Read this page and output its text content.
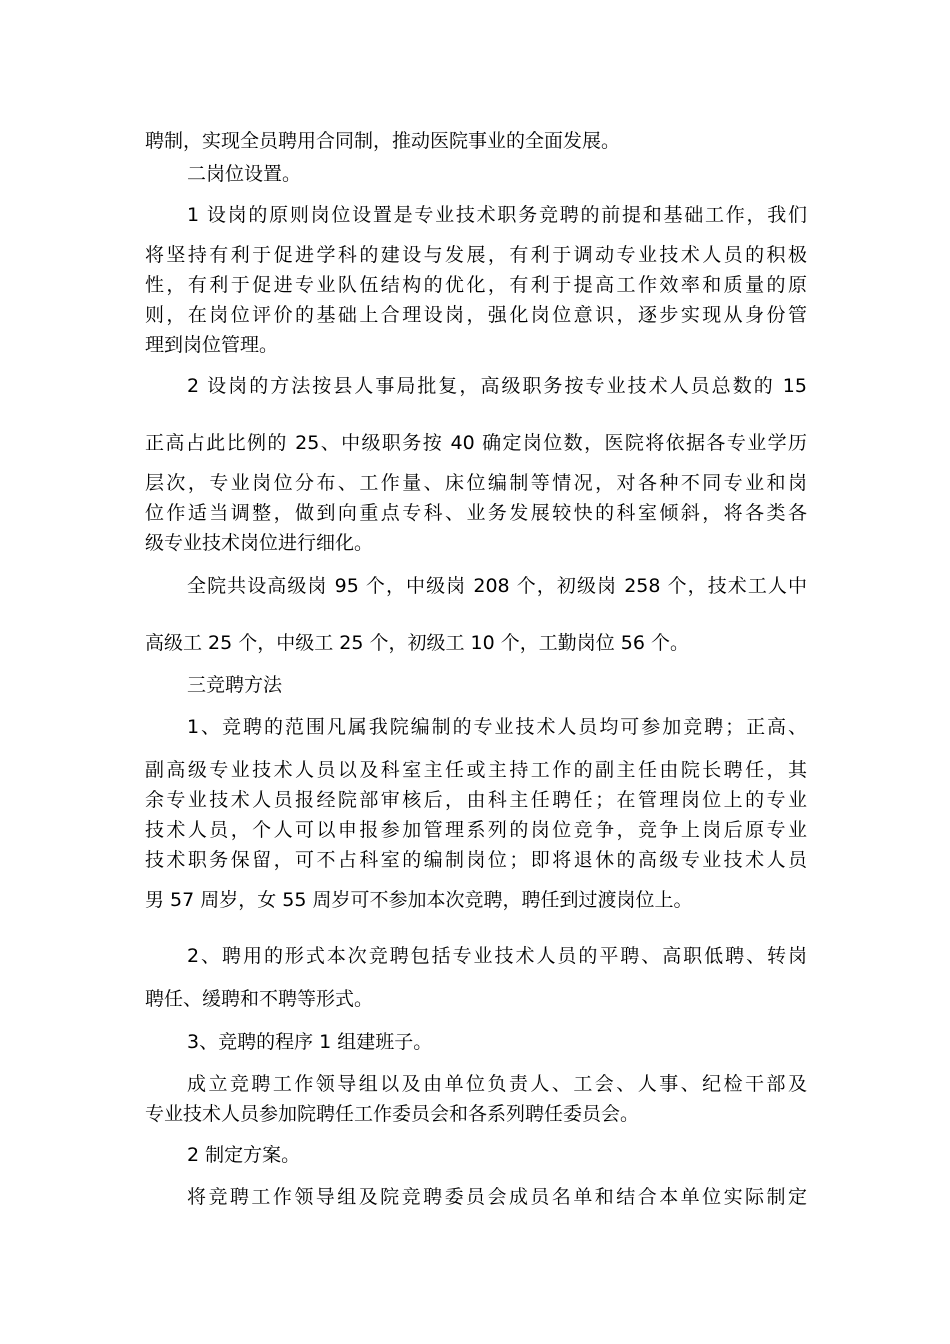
聘制，实现全员聘用合同制，推动医院事业的全面发展。
二岗位设置。
1 设岗的原则岗位设置是专业技术职务竞聘的前提和基础工作，我们
将坚持有利于促进学科的建设与发展，有利于调动专业技术人员的积极
性，有利于促进专业队伍结构的优化，有利于提高工作效率和质量的原
则，在岗位评价的基础上合理设岗，强化岗位意识，逐步实现从身份管
理到岗位管理。
2 设岗的方法按县人事局批复，高级职务按专业技术人员总数的 15
正高占此比例的 25、中级职务按 40 确定岗位数，医院将依据各专业学历
层次，专业岗位分布、工作量、床位编制等情况，对各种不同专业和岗
位作适当调整，做到向重点专科、业务发展较快的科室倾斜，将各类各
级专业技术岗位进行细化。
全院共设高级岗 95 个，中级岗 208 个，初级岗 258 个，技术工人中
高级工 25 个，中级工 25 个，初级工 10 个，工勤岗位 56 个。
三竞聘方法
1、竞聘的范围凡属我院编制的专业技术人员均可参加竞聘；正高、
副高级专业技术人员以及科室主任或主持工作的副主任由院长聘任，其
余专业技术人员报经院部审核后，由科主任聘任；在管理岗位上的专业
技术人员，个人可以申报参加管理系列的岗位竞争，竞争上岗后原专业
技术职务保留，可不占科室的编制岗位；即将退休的高级专业技术人员
男 57 周岁，女 55 周岁可不参加本次竞聘，聘任到过渡岗位上。
2、聘用的形式本次竞聘包括专业技术人员的平聘、高职低聘、转岗
聘任、缓聘和不聘等形式。
3、竞聘的程序 1 组建班子。
成立竞聘工作领导组以及由单位负责人、工会、人事、纪检干部及
专业技术人员参加院聘任工作委员会和各系列聘任委员会。
2 制定方案。
将竞聘工作领导组及院竞聘委员会成员名单和结合本单位实际制定
